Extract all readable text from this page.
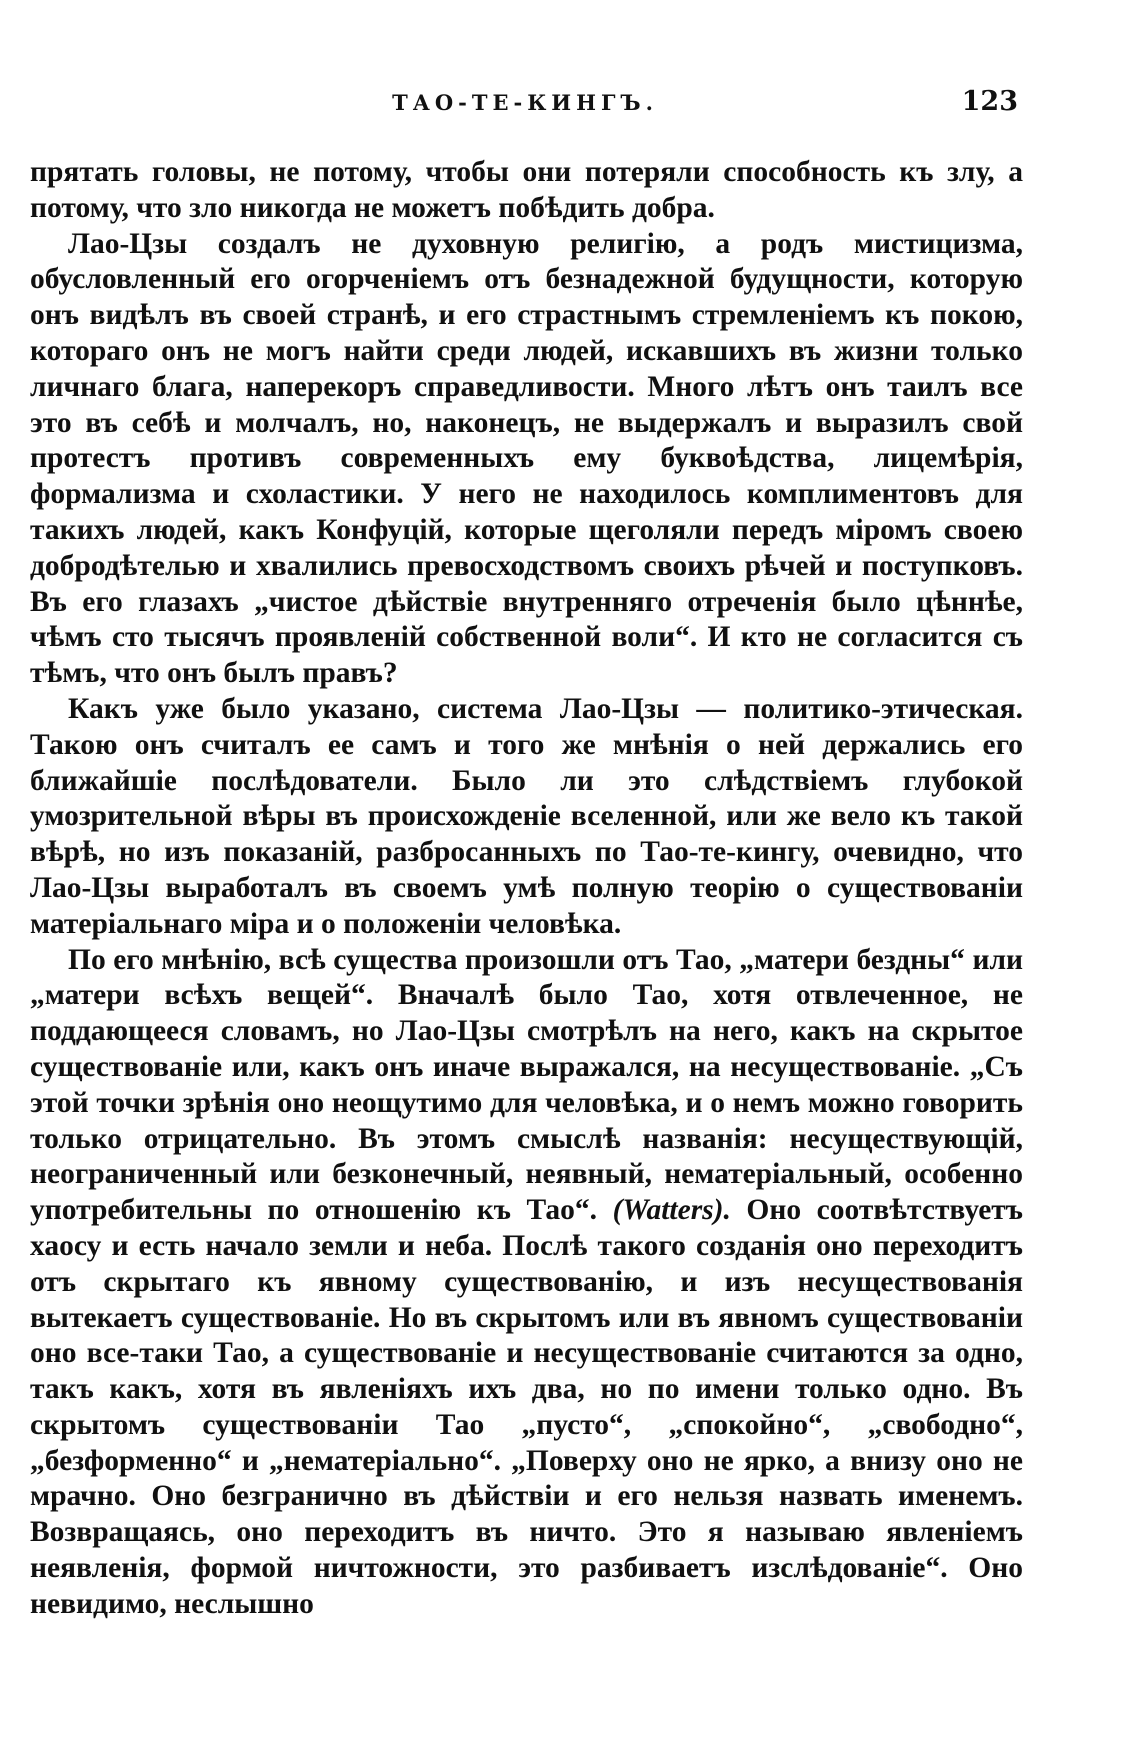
ТАО-ТЕ-КИНГЪ.	123

прятать головы, не потому, чтобы они потеряли способность къ злу, а потому, что зло никогда не можетъ побѣдить добра.

Лао-Цзы создалъ не духовную религію, а родъ мистицизма, обусловленный его огорченіемъ отъ безнадежной будущности, которую онъ видѣлъ въ своей странѣ, и его страстнымъ стремленіемъ къ покою, котораго онъ не могъ найти среди людей, искавшихъ въ жизни только личнаго блага, наперекоръ справедливости. Много лѣтъ онъ таилъ все это въ себѣ и молчалъ, но, наконецъ, не выдержалъ и выразилъ свой протестъ противъ современныхъ ему буквоѣдства, лицемѣрія, формализма и схоластики. У него не находилось комплиментовъ для такихъ людей, какъ Конфуцій, которые щеголяли передъ міромъ своею добродѣтелью и хвалились превосходствомъ своихъ рѣчей и поступковъ. Въ его глазахъ „чистое дѣйствіе внутренняго отреченія было цѣннѣе, чѣмъ сто тысячъ проявленій собственной воли“. И кто не согласится съ тѣмъ, что онъ былъ правъ?

Какъ уже было указано, система Лао-Цзы — политико-этическая. Такою онъ считалъ ее самъ и того же мнѣнія о ней держались его ближайшіе послѣдователи. Было ли это слѣдствіемъ глубокой умозрительной вѣры въ происхожденіе вселенной, или же вело къ такой вѣрѣ, но изъ показаній, разбросанныхъ по Тао-те-кингу, очевидно, что Лао-Цзы выработалъ въ своемъ умѣ полную теорію о существованіи матеріальнаго міра и о положеніи человѣка.

По его мнѣнію, всѣ существа произошли отъ Тао, „матери бездны“ или „матери всѣхъ вещей“. Вначалѣ было Тао, хотя отвлеченное, не поддающееся словамъ, но Лао-Цзы смотрѣлъ на него, какъ на скрытое существованіе или, какъ онъ иначе выражался, на несуществованіе. „Съ этой точки зрѣнія оно неощутимо для человѣка, и о немъ можно говорить только отрицательно. Въ этомъ смыслѣ названія: несуществующій, неограниченный или безконечный, неявный, нематеріальный, особенно употребительны по отношенію къ Тао“. (Watters). Оно соотвѣтствуетъ хаосу и есть начало земли и неба. Послѣ такого созданія оно переходитъ отъ скрытаго къ явному существованію, и изъ несуществованія вытекаетъ существованіе. Но въ скрытомъ или въ явномъ существованіи оно все-таки Тао, а существованіе и несуществованіе считаются за одно, такъ какъ, хотя въ явленіяхъ ихъ два, но по имени только одно. Въ скрытомъ существованіи Тао „пусто“, „спокойно“, „свободно“, „безформенно“ и „нематеріально“. „Поверху оно не ярко, а внизу оно не мрачно. Оно безгранично въ дѣйствіи и его нельзя назвать именемъ. Возвращаясь, оно переходитъ въ ничто. Это я называю явленіемъ неявленія, формой ничтожности, это разбиваетъ изслѣдованіе“. Оно невидимо, неслышно
